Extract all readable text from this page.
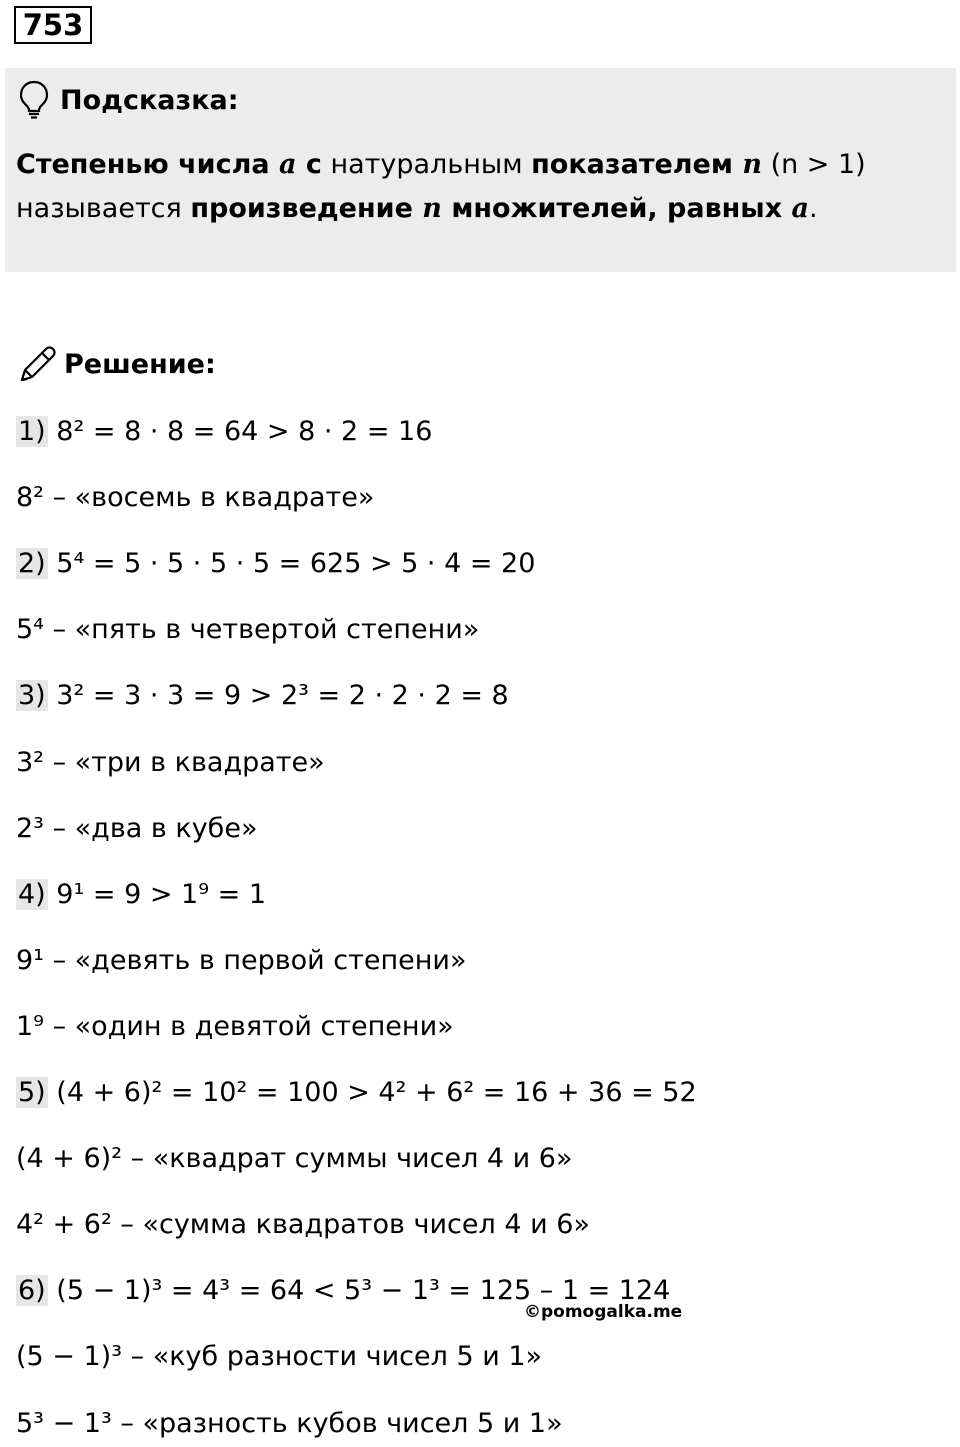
753
Подсказка:
Степенью числа a с натуральным показателем n (n > 1)
называется произведение n множителей, равных a.
Решение:
1) 8² = 8 · 8 = 64 > 8 · 2 = 16
8² – «восемь в квадрате»
2) 5⁴ = 5 · 5 · 5 · 5 = 625 > 5 · 4 = 20
5⁴ – «пять в четвертой степени»
3) 3² = 3 · 3 = 9 > 2³ = 2 · 2 · 2 = 8
3² – «три в квадрате»
2³ – «два в кубе»
4) 9¹ = 9 > 1⁹ = 1
9¹ – «девять в первой степени»
1⁹ – «один в девятой степени»
5) (4 + 6)² = 10² = 100 > 4² + 6² = 16 + 36 = 52
(4 + 6)² – «квадрат суммы чисел 4 и 6»
4² + 6² – «сумма квадратов чисел 4 и 6»
6) (5 − 1)³ = 4³ = 64 < 5³ − 1³ = 125 – 1 = 124
(5 − 1)³ – «куб разности чисел 5 и 1»
5³ − 1³ – «разность кубов чисел 5 и 1»
©pomogalka.me
